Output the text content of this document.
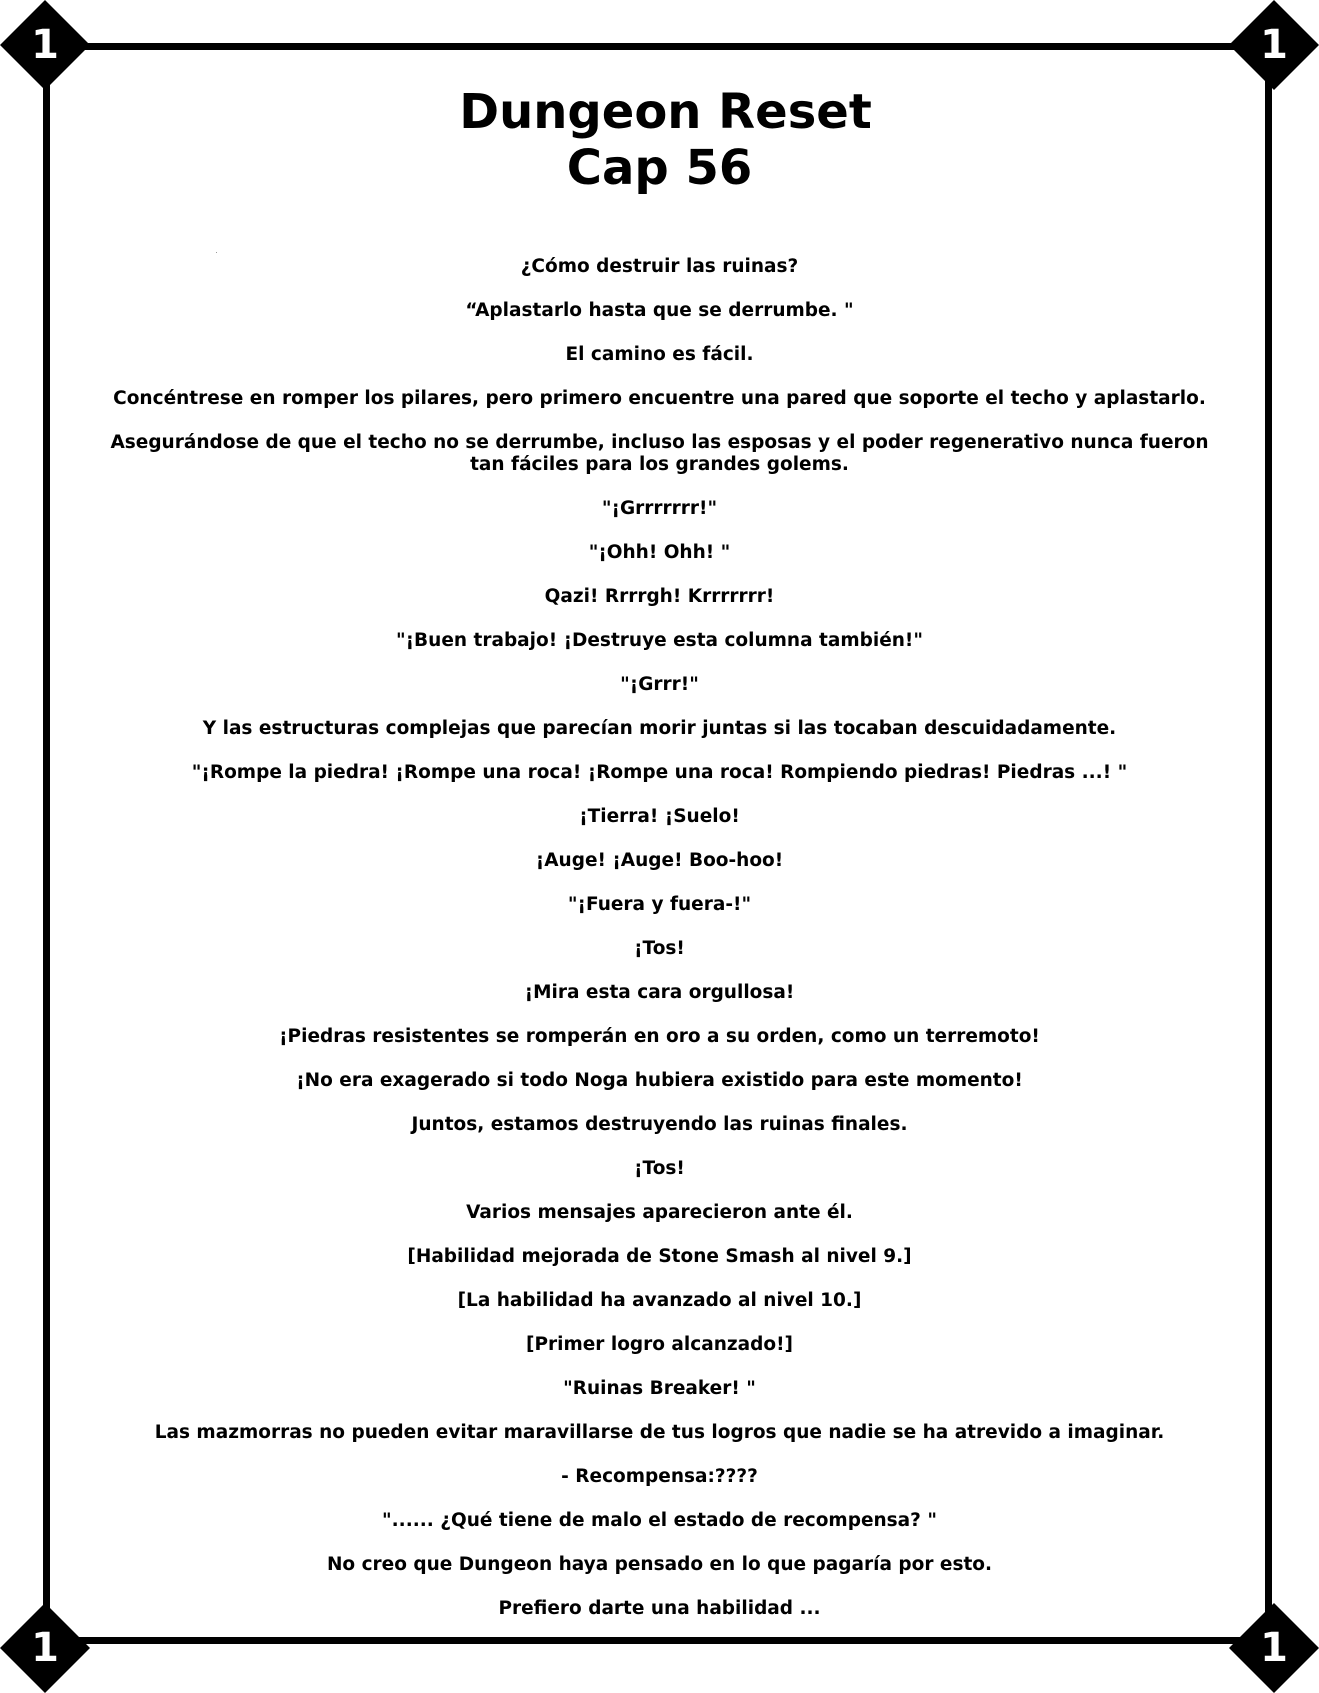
1	1
1	1
Dungeon Reset
Cap 56

¿Cómo destruir las ruinas?

“Aplastarlo hasta que se derrumbe. "

El camino es fácil.

Concéntrese en romper los pilares, pero primero encuentre una pared que soporte el techo y aplastarlo.

Asegurándose de que el techo no se derrumbe, incluso las esposas y el poder regenerativo nunca fueron tan fáciles para los grandes golems.

"¡Grrrrrrr!"

"¡Ohh! Ohh! "

Qazi! Rrrrgh! Krrrrrrr!

"¡Buen trabajo! ¡Destruye esta columna también!"

"¡Grrr!"

Y las estructuras complejas que parecían morir juntas si las tocaban descuidadamente.

"¡Rompe la piedra! ¡Rompe una roca! ¡Rompe una roca! Rompiendo piedras! Piedras ...! "

¡Tierra! ¡Suelo!

¡Auge! ¡Auge! Boo-hoo!

"¡Fuera y fuera-!"

¡Tos!

¡Mira esta cara orgullosa!

¡Piedras resistentes se romperán en oro a su orden, como un terremoto!

¡No era exagerado si todo Noga hubiera existido para este momento!

Juntos, estamos destruyendo las ruinas finales.

¡Tos!

Varios mensajes aparecieron ante él.

[Habilidad mejorada de Stone Smash al nivel 9.]

[La habilidad ha avanzado al nivel 10.]

[Primer logro alcanzado!]

"Ruinas Breaker! "

Las mazmorras no pueden evitar maravillarse de tus logros que nadie se ha atrevido a imaginar.

- Recompensa:????

"...... ¿Qué tiene de malo el estado de recompensa? "

No creo que Dungeon haya pensado en lo que pagaría por esto.

Prefiero darte una habilidad ...
